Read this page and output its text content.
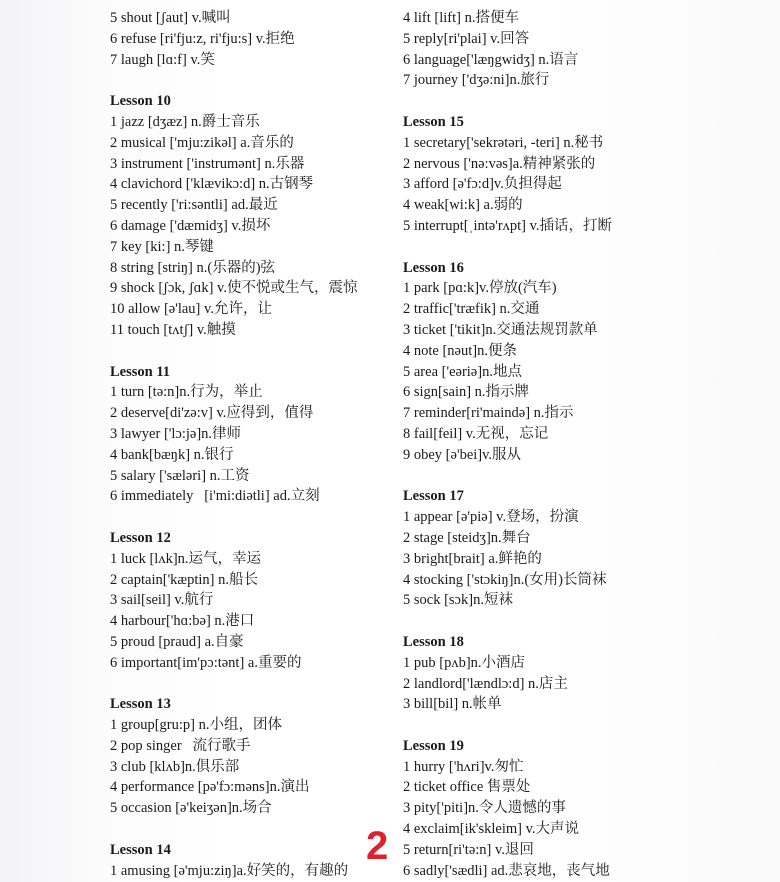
5 shout [ʃaut] v.喊叫
6 refuse [ri'fju:z, ri'fju:s] v.拒绝
7 laugh [lɑ:f] v.笑
Lesson 10
1 jazz [dʒæz] n.爵士音乐
2 musical ['mju:zikəl] a.音乐的
3 instrument ['instrumənt] n.乐器
4 clavichord ['klævikɔ:d] n.古钢琴
5 recently ['ri:səntli] ad.最近
6 damage ['dæmidʒ] v.损坏
7 key [ki:] n.琴键
8 string [striŋ] n.(乐器的)弦
9 shock [ʃɔk, ʃɑk] v.使不悦或生气，震惊
10 allow [ə'lau] v.允许，让
11 touch [tʌtʃ] v.触摸
Lesson 11
1 turn [tə:n]n.行为，举止
2 deserve[di'zə:v] v.应得到，值得
3 lawyer ['lɔ:jə]n.律师
4 bank[bæŋk] n.银行
5 salary ['sæləri] n.工资
6 immediately   [i'mi:diətli] ad.立刻
Lesson 12
1 luck [lʌk]n.运气，幸运
2 captain['kæptin] n.船长
3 sail[seil] v.航行
4 harbour['hɑ:bə] n.港口
5 proud [praud] a.自豪
6 important[im'pɔ:tənt] a.重要的
Lesson 13
1 group[gru:p] n.小组，团体
2 pop singer   流行歌手
3 club [klʌb]n.俱乐部
4 performance [pə'fɔ:məns]n.演出
5 occasion [ə'keiʒən]n.场合
Lesson 14
1 amusing [ə'mju:ziŋ]a.好笑的，有趣的
4 lift [lift] n.搭便车
5 reply[ri'plai] v.回答
6 language['læŋgwidʒ] n.语言
7 journey ['dʒə:ni]n.旅行
Lesson 15
1 secretary['sekrətəri, -teri] n.秘书
2 nervous ['nə:vəs]a.精神紧张的
3 afford [ə'fɔ:d]v.负担得起
4 weak[wi:k] a.弱的
5 interrupt[ˌintə'rʌpt] v.插话，打断
Lesson 16
1 park [pɑ:k]v.停放(汽车)
2 traffic['træfik] n.交通
3 ticket ['tikit]n.交通法规罚款单
4 note [nəut]n.便条
5 area ['eəriə]n.地点
6 sign[sain] n.指示牌
7 reminder[ri'maində] n.指示
8 fail[feil] v.无视，忘记
9 obey [ə'bei]v.服从
Lesson 17
1 appear [ə'piə] v.登场，扮演
2 stage [steidʒ]n.舞台
3 bright[brait] a.鲜艳的
4 stocking ['stɔkiŋ]n.(女用)长筒袜
5 sock [sɔk]n.短袜
Lesson 18
1 pub [pʌb]n.小酒店
2 landlord['lændlɔ:d] n.店主
3 bill[bil] n.帐单
Lesson 19
1 hurry ['hʌri]v.匆忙
2 ticket office 售票处
3 pity['piti]n.令人遗憾的事
4 exclaim[ik'skleim] v.大声说
5 return[ri'tə:n] v.退回
6 sadly['sædli] ad.悲哀地，丧气地
2
